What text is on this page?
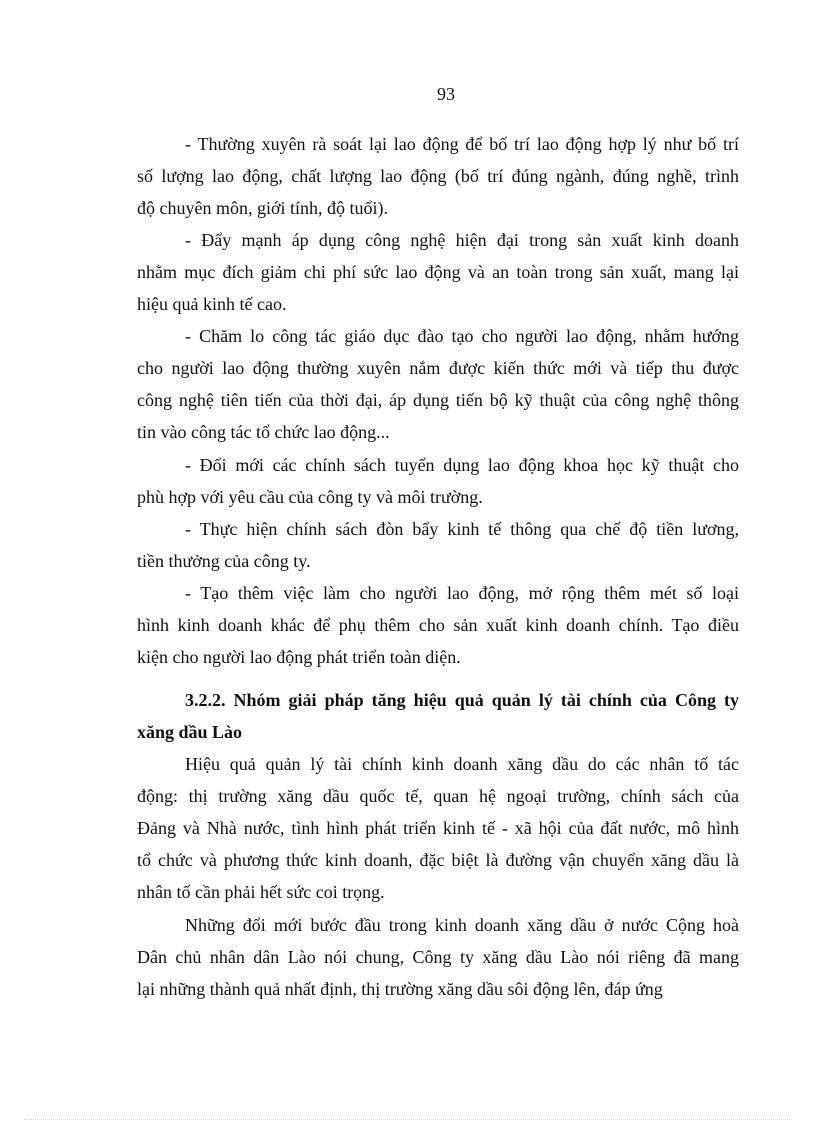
93
- Thường xuyên rà soát lại lao động để bố trí lao động hợp lý như bố trí
số lượng lao động, chất lượng lao động (bố trí đúng ngành, đúng nghề, trình
độ chuyên môn, giới tính, độ tuổi).
- Đẩy mạnh áp dụng công nghệ hiện đại trong sản xuất kinh doanh
nhằm mục đích giảm chi phí sức lao động và an toàn trong sản xuất, mang lại
hiệu quả kinh tế cao.
- Chăm lo công tác giáo dục đào tạo cho người lao động, nhằm hướng
cho người lao động thường xuyên nắm được kiến thức mới và tiếp thu được
công nghệ tiên tiến của thời đại, áp dụng tiến bộ kỹ thuật của công nghệ thông
tin vào công tác tổ chức lao động...
- Đổi mới các chính sách tuyển dụng lao động khoa học kỹ thuật cho
phù hợp với yêu cầu của công ty và môi trường.
- Thực hiện chính sách đòn bẩy kinh tế thông qua chế độ tiền lương,
tiền thưởng của công ty.
- Tạo thêm việc làm cho người lao động, mở rộng thêm mét số loại
hình kinh doanh khác để phụ thêm cho sản xuất kinh doanh chính. Tạo điều
kiện cho người lao động phát triển toàn diện.
3.2.2. Nhóm giải pháp tăng hiệu quả quản lý tài chính của Công ty
xăng dầu Lào
Hiệu quả quản lý tài chính kinh doanh xăng dầu do các nhân tố tác
động: thị trường xăng dầu quốc tế, quan hệ ngoại trường, chính sách của
Đảng và Nhà nước, tình hình phát triển kinh tế - xã hội của đất nước, mô hình
tổ chức và phương thức kinh doanh, đặc biệt là đường vận chuyển xăng dầu là
nhân tố cần phải hết sức coi trọng.
Những đổi mới bước đầu trong kinh doanh xăng dầu ở nước Cộng hoà
Dân chủ nhân dân Lào nói chung, Công ty xăng dầu Lào nói riêng đã mang
lại những thành quả nhất định, thị trường xăng dầu sôi động lên, đáp ứng
